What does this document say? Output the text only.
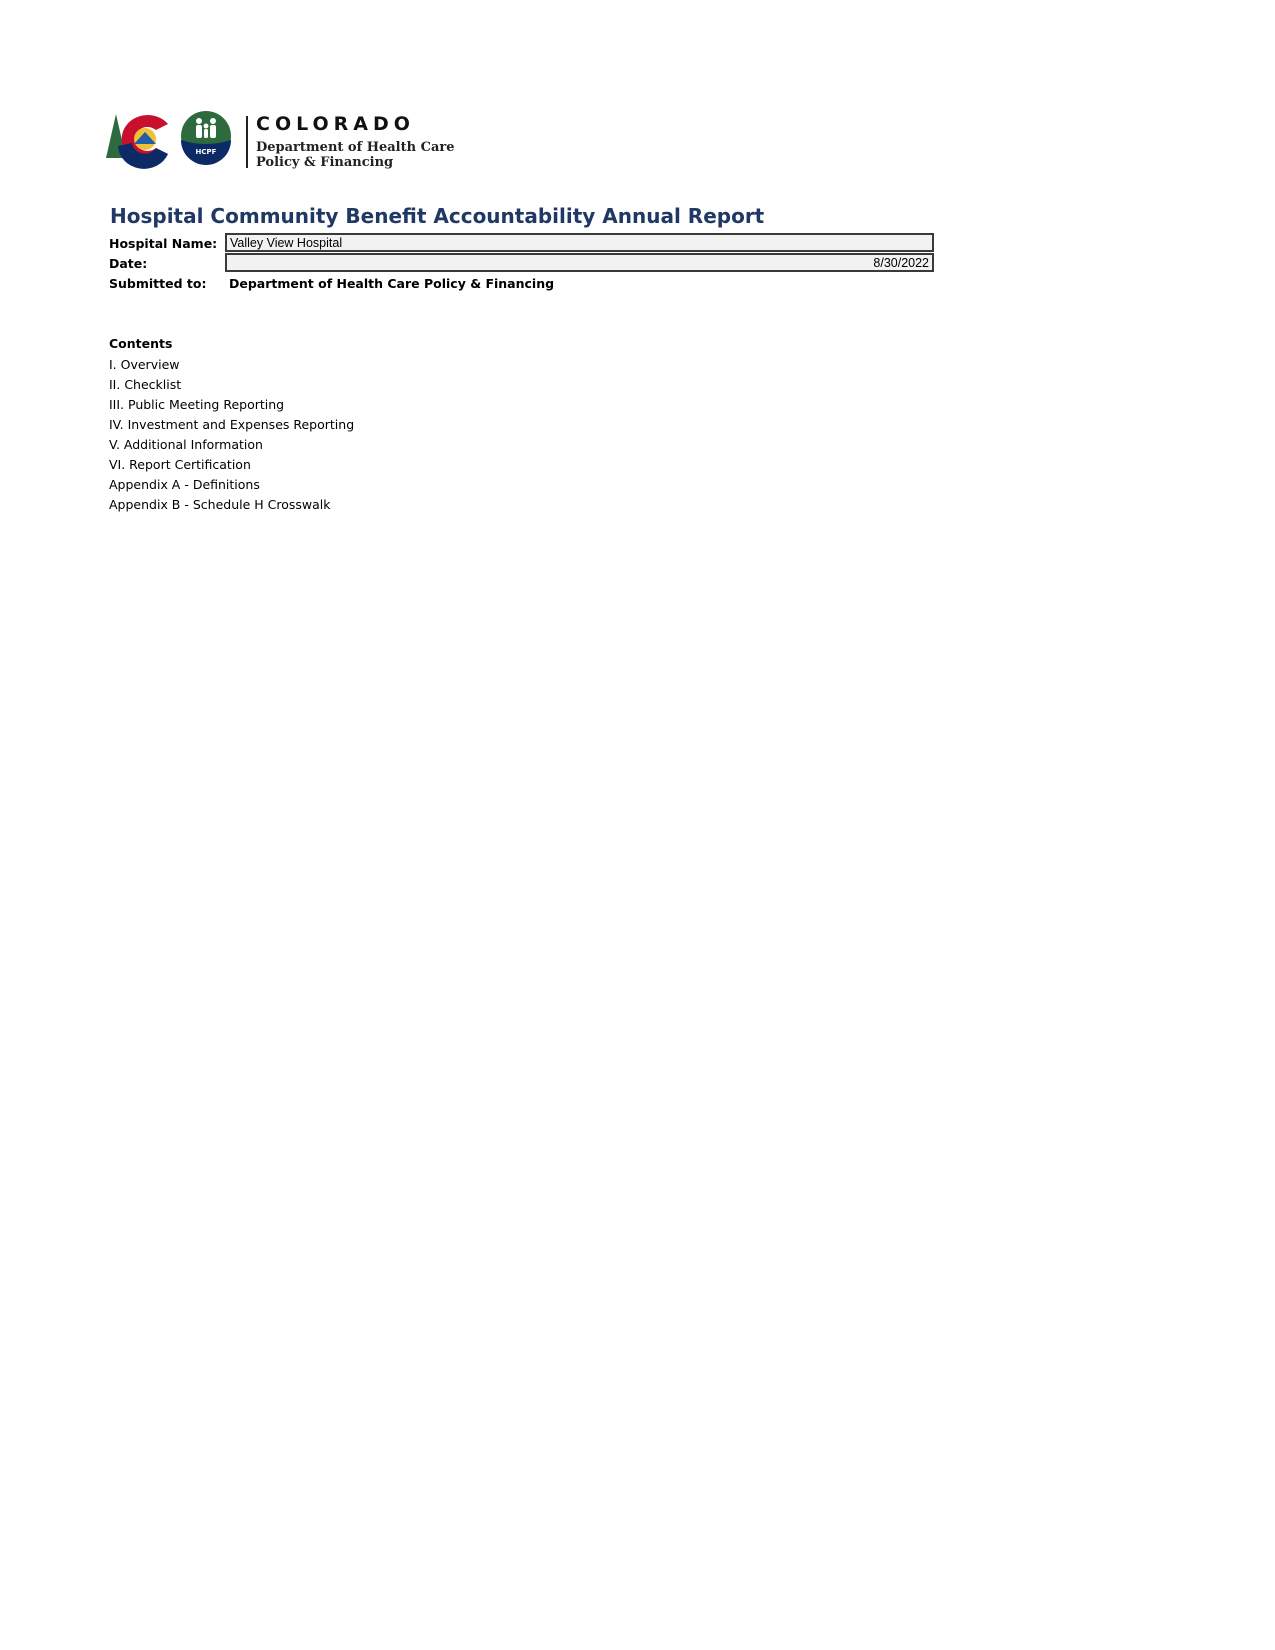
HCPF
COLORADO
Department of Health Care
Policy & Financing
Hospital Community Benefit Accountability Annual Report
Hospital Name:	Valley View Hospital
Date:	8/30/2022
Submitted to: Department of Health Care Policy & Financing
Contents
I. Overview
II. Checklist
III. Public Meeting Reporting
IV. Investment and Expenses Reporting
V. Additional Information
VI. Report Certification
Appendix A - Definitions
Appendix B - Schedule H Crosswalk
